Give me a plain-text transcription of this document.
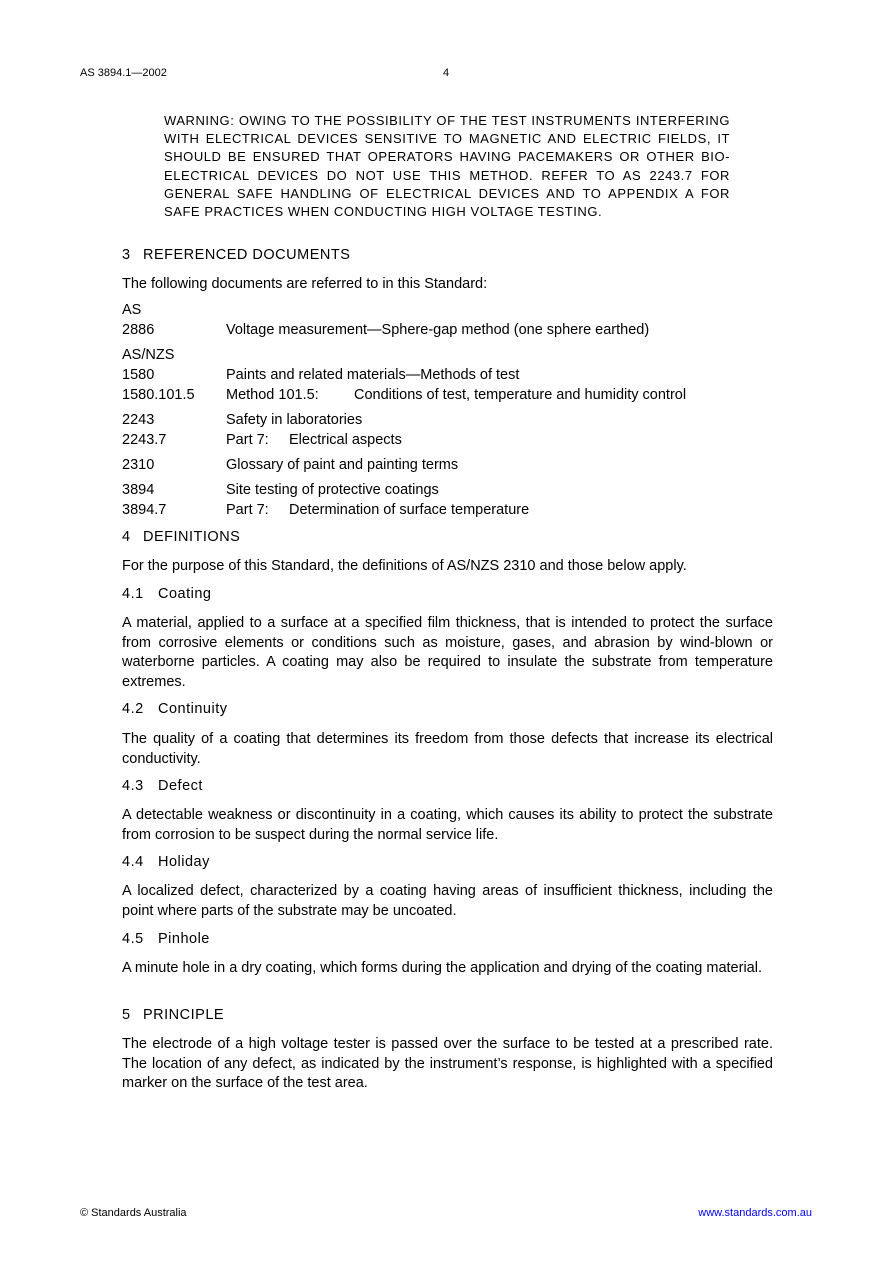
AS 3894.1—2002	4
WARNING: OWING TO THE POSSIBILITY OF THE TEST INSTRUMENTS INTERFERING WITH ELECTRICAL DEVICES SENSITIVE TO MAGNETIC AND ELECTRIC FIELDS, IT SHOULD BE ENSURED THAT OPERATORS HAVING PACEMAKERS OR OTHER BIO-ELECTRICAL DEVICES DO NOT USE THIS METHOD. REFER TO AS 2243.7 FOR GENERAL SAFE HANDLING OF ELECTRICAL DEVICES AND TO APPENDIX A FOR SAFE PRACTICES WHEN CONDUCTING HIGH VOLTAGE TESTING.
3 REFERENCED DOCUMENTS
The following documents are referred to in this Standard:
AS
2886	Voltage measurement—Sphere-gap method (one sphere earthed)
AS/NZS
1580	Paints and related materials—Methods of test
1580.101.5 Method 101.5: Conditions of test, temperature and humidity control
2243	Safety in laboratories
2243.7	Part 7: Electrical aspects
2310	Glossary of paint and painting terms
3894	Site testing of protective coatings
3894.7	Part 7: Determination of surface temperature
4 DEFINITIONS
For the purpose of this Standard, the definitions of AS/NZS 2310 and those below apply.
4.1 Coating
A material, applied to a surface at a specified film thickness, that is intended to protect the surface from corrosive elements or conditions such as moisture, gases, and abrasion by wind-blown or waterborne particles. A coating may also be required to insulate the substrate from temperature extremes.
4.2 Continuity
The quality of a coating that determines its freedom from those defects that increase its electrical conductivity.
4.3 Defect
A detectable weakness or discontinuity in a coating, which causes its ability to protect the substrate from corrosion to be suspect during the normal service life.
4.4 Holiday
A localized defect, characterized by a coating having areas of insufficient thickness, including the point where parts of the substrate may be uncoated.
4.5 Pinhole
A minute hole in a dry coating, which forms during the application and drying of the coating material.
5 PRINCIPLE
The electrode of a high voltage tester is passed over the surface to be tested at a prescribed rate. The location of any defect, as indicated by the instrument’s response, is highlighted with a specified marker on the surface of the test area.
© Standards Australia	www.standards.com.au
